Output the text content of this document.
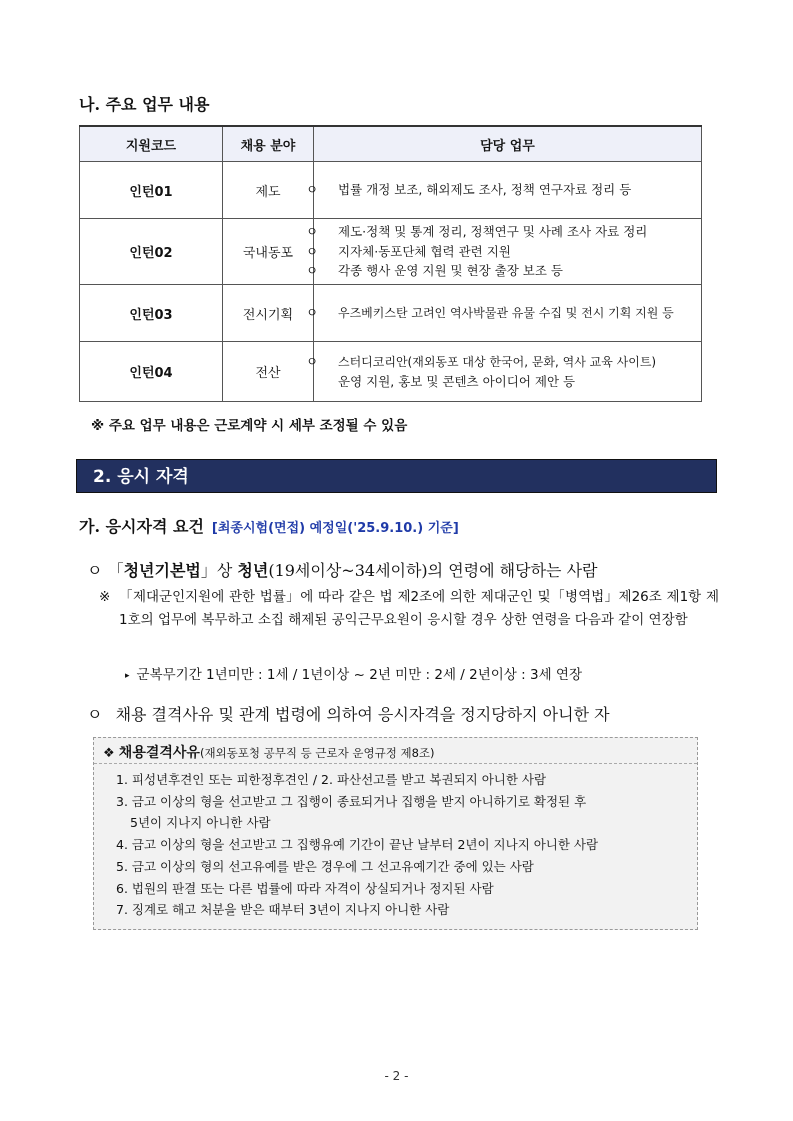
나. 주요 업무 내용
지원코드	채용 분야	담당 업무
인턴01	제도	ㅇ 법률 개정 보조, 해외제도 조사, 정책 연구자료 정리 등

인턴02	국내동포	ㅇ 제도·정책 및 통계 정리, 정책연구 및 사례 조사 자료 정리
ㅇ 지자체·동포단체 협력 관련 지원
ㅇ 각종 행사 운영 지원 및 현장 출장 보조 등

인턴03	전시기획	ㅇ 우즈베키스탄 고려인 역사박물관 유물 수집 및 전시 기획 지원 등

인턴04	전산	ㅇ 스터디코리안(재외동포 대상 한국어, 문화, 역사 교육 사이트)
운영 지원, 홍보 및 콘텐츠 아이디어 제안 등
※ 주요 업무 내용은 근로계약 시 세부 조정될 수 있음
2. 응시 자격
가. 응시자격 요건 [최종시험(면접) 예정일('25.9.10.) 기준]
ㅇ 「청년기본법」상 청년(19세이상~34세이하)의 연령에 해당하는 사람
※ 「제대군인지원에 관한 법률」에 따라 같은 법 제2조에 의한 제대군인 및「병역법」제26조 제1항 제1호의 업무에 복무하고 소집 해제된 공익근무요원이 응시할 경우 상한 연령을 다음과 같이 연장함
▸ 군복무기간 1년미만 : 1세 / 1년이상 ~ 2년 미만 : 2세 / 2년이상 : 3세 연장
ㅇ 채용 결격사유 및 관계 법령에 의하여 응시자격을 정지당하지 아니한 자
❖ 채용결격사유(재외동포청 공무직 등 근로자 운영규정 제8조)
1. 피성년후견인 또는 피한정후견인 / 2. 파산선고를 받고 복권되지 아니한 사람
3. 금고 이상의 형을 선고받고 그 집행이 종료되거나 집행을 받지 아니하기로 확정된 후
5년이 지나지 아니한 사람
4. 금고 이상의 형을 선고받고 그 집행유예 기간이 끝난 날부터 2년이 지나지 아니한 사람
5. 금고 이상의 형의 선고유예를 받은 경우에 그 선고유예기간 중에 있는 사람
6. 법원의 판결 또는 다른 법률에 따라 자격이 상실되거나 정지된 사람
7. 징계로 해고 처분을 받은 때부터 3년이 지나지 아니한 사람
- 2 -
